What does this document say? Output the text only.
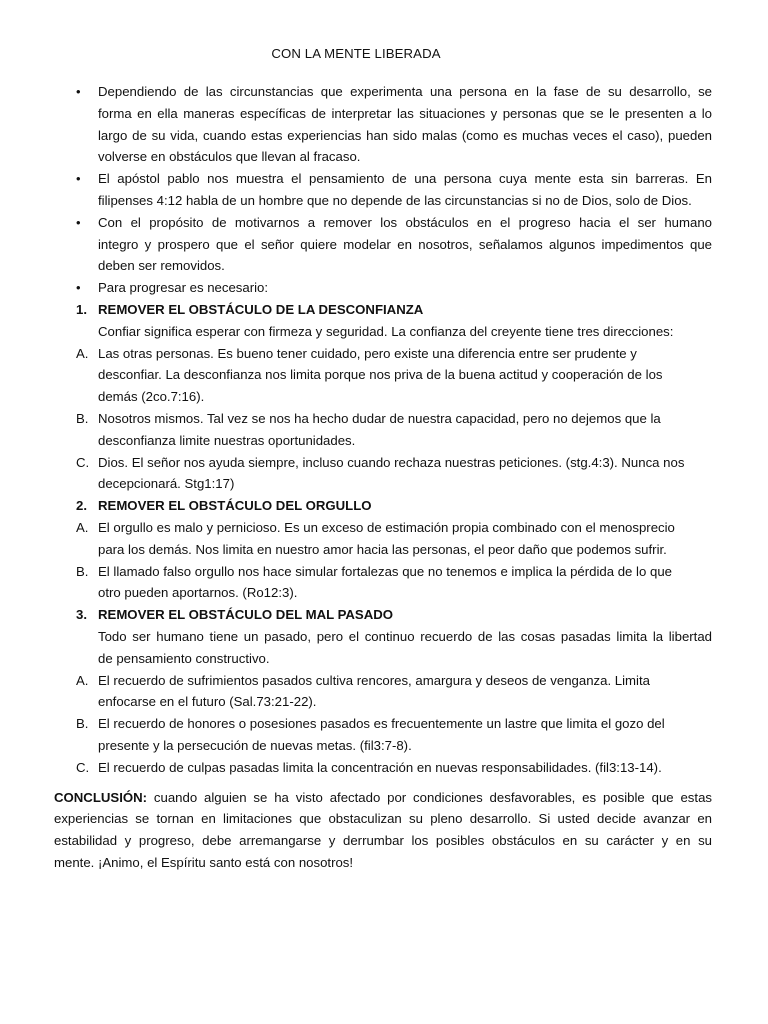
CON LA MENTE LIBERADA
• Dependiendo de las circunstancias que experimenta una persona en la fase de su desarrollo, se
forma en ella maneras específicas de interpretar las situaciones y personas que se le presenten a lo
largo de su vida, cuando estas experiencias han sido malas (como es muchas veces el caso), pueden
volverse en obstáculos que llevan al fracaso.
• El apóstol pablo nos muestra el pensamiento de una persona cuya mente esta sin barreras. En
filipenses 4:12 habla de un hombre que no depende de las circunstancias si no de Dios, solo de Dios.
• Con el propósito de motivarnos a remover los obstáculos en el progreso hacia el ser humano
integro y prospero que el señor quiere modelar en nosotros, señalamos algunos impedimentos que
deben ser removidos.
• Para progresar es necesario:
1. REMOVER EL OBSTÁCULO DE LA DESCONFIANZA
Confiar significa esperar con firmeza y seguridad. La confianza del creyente tiene tres direcciones:
A. Las otras personas. Es bueno tener cuidado, pero existe una diferencia entre ser prudente y
desconfiar. La desconfianza nos limita porque nos priva de la buena actitud y cooperación de los
demás (2co.7:16).
B. Nosotros mismos. Tal vez se nos ha hecho dudar de nuestra capacidad, pero no dejemos que la
desconfianza limite nuestras oportunidades.
C. Dios. El señor nos ayuda siempre, incluso cuando rechaza nuestras peticiones. (stg.4:3). Nunca nos
decepcionará. Stg1:17)
2. REMOVER EL OBSTÁCULO DEL ORGULLO
A. El orgullo es malo y pernicioso. Es un exceso de estimación propia combinado con el menosprecio
para los demás. Nos limita en nuestro amor hacia las personas, el peor daño que podemos sufrir.
B. El llamado falso orgullo nos hace simular fortalezas que no tenemos e implica la pérdida de lo que
otro pueden aportarnos. (Ro12:3).
3. REMOVER EL OBSTÁCULO DEL MAL PASADO
Todo ser humano tiene un pasado, pero el continuo recuerdo de las cosas pasadas limita la libertad
de pensamiento constructivo.
A. El recuerdo de sufrimientos pasados cultiva rencores, amargura y deseos de venganza. Limita
enfocarse en el futuro (Sal.73:21-22).
B. El recuerdo de honores o posesiones pasados es frecuentemente un lastre que limita el gozo del
presente y la persecución de nuevas metas. (fil3:7-8).
C. El recuerdo de culpas pasadas limita la concentración en nuevas responsabilidades. (fil3:13-14).
CONCLUSIÓN: cuando alguien se ha visto afectado por condiciones desfavorables, es posible que estas
experiencias se tornan en limitaciones que obstaculizan su pleno desarrollo. Si usted decide avanzar en
estabilidad y progreso, debe arremangarse y derrumbar los posibles obstáculos en su carácter y en su
mente. ¡Animo, el Espíritu santo está con nosotros!
